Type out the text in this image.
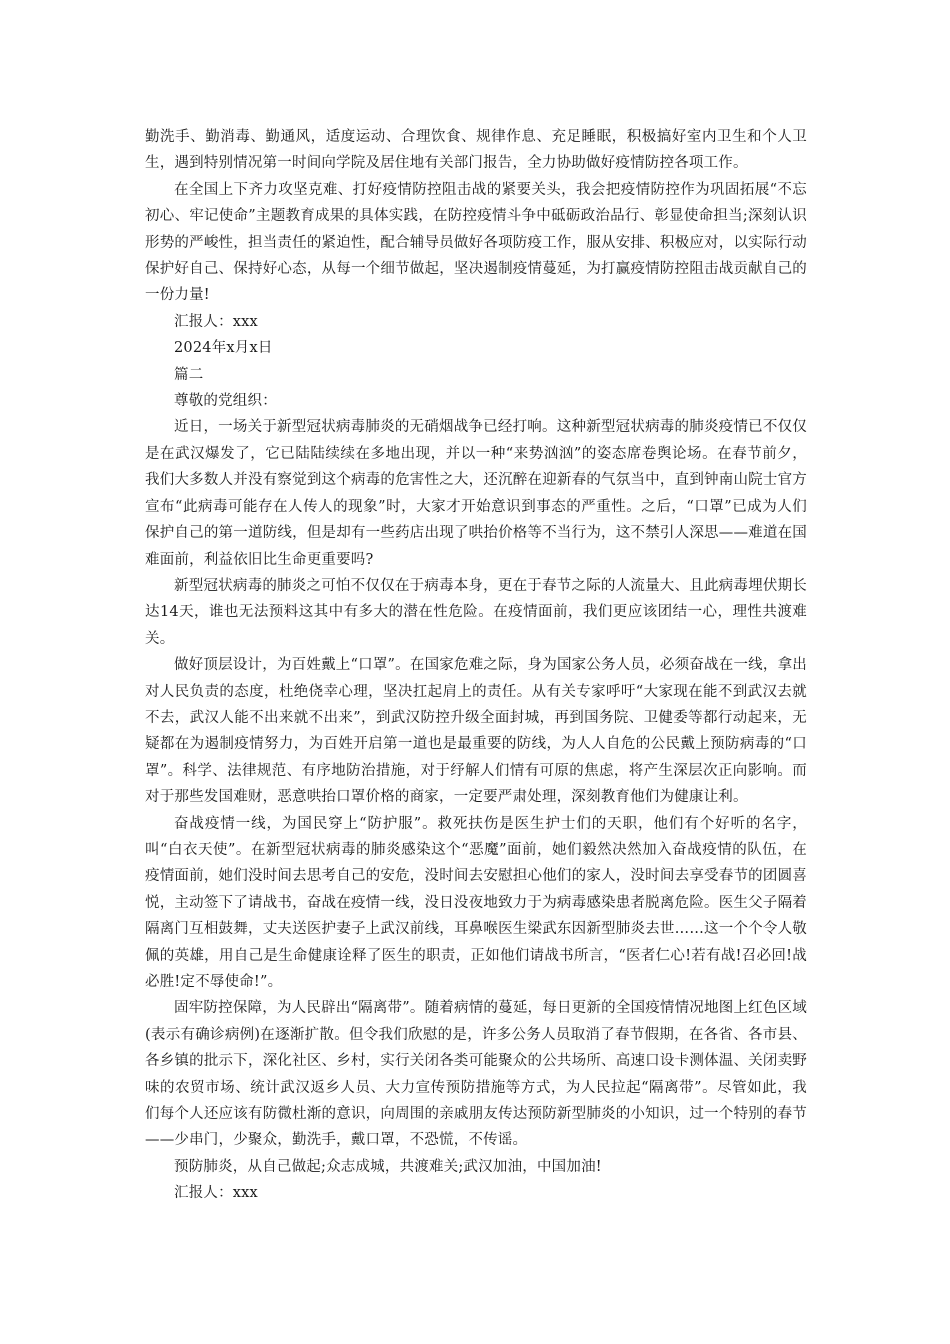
勤洗手、勤消毒、勤通风，适度运动、合理饮食、规律作息、充足睡眠，积极搞好室内卫生和个人卫生，遇到特别情况第一时间向学院及居住地有关部门报告，全力协助做好疫情防控各项工作。

在全国上下齐力攻坚克难、打好疫情防控阻击战的紧要关头，我会把疫情防控作为巩固拓展“不忘初心、牢记使命”主题教育成果的具体实践，在防控疫情斗争中砥砺政治品行、彰显使命担当;深刻认识形势的严峻性，担当责任的紧迫性，配合辅导员做好各项防疫工作，服从安排、积极应对，以实际行动保护好自己、保持好心态，从每一个细节做起，坚决遏制疫情蔓延，为打赢疫情防控阻击战贡献自己的一份力量!

汇报人：xxx

2024年x月x日

篇二

尊敬的党组织：

近日，一场关于新型冠状病毒肺炎的无硝烟战争已经打响。这种新型冠状病毒的肺炎疫情已不仅仅是在武汉爆发了，它已陆陆续续在多地出现，并以一种“来势汹汹”的姿态席卷舆论场。在春节前夕，我们大多数人并没有察觉到这个病毒的危害性之大，还沉醉在迎新春的气氛当中，直到钟南山院士官方宣布“此病毒可能存在人传人的现象”时，大家才开始意识到事态的严重性。之后，“口罩”已成为人们保护自己的第一道防线，但是却有一些药店出现了哄抬价格等不当行为，这不禁引人深思——难道在国难面前，利益依旧比生命更重要吗?

新型冠状病毒的肺炎之可怕不仅仅在于病毒本身，更在于春节之际的人流量大、且此病毒埋伏期长达14天，谁也无法预料这其中有多大的潜在性危险。在疫情面前，我们更应该团结一心，理性共渡难关。

做好顶层设计，为百姓戴上“口罩”。在国家危难之际，身为国家公务人员，必须奋战在一线，拿出对人民负责的态度，杜绝侥幸心理，坚决扛起肩上的责任。从有关专家呼吁“大家现在能不到武汉去就不去，武汉人能不出来就不出来”，到武汉防控升级全面封城，再到国务院、卫健委等都行动起来，无疑都在为遏制疫情努力，为百姓开启第一道也是最重要的防线，为人人自危的公民戴上预防病毒的“口罩”。科学、法律规范、有序地防治措施，对于纾解人们情有可原的焦虑，将产生深层次正向影响。而对于那些发国难财，恶意哄抬口罩价格的商家，一定要严肃处理，深刻教育他们为健康让利。

奋战疫情一线，为国民穿上“防护服”。救死扶伤是医生护士们的天职，他们有个好听的名字，叫“白衣天使”。在新型冠状病毒的肺炎感染这个“恶魔”面前，她们毅然决然加入奋战疫情的队伍，在疫情面前，她们没时间去思考自己的安危，没时间去安慰担心他们的家人，没时间去享受春节的团圆喜悦，主动签下了请战书，奋战在疫情一线，没日没夜地致力于为病毒感染患者脱离危险。医生父子隔着隔离门互相鼓舞，丈夫送医护妻子上武汉前线，耳鼻喉医生梁武东因新型肺炎去世……这一个个令人敬佩的英雄，用自己是生命健康诠释了医生的职责，正如他们请战书所言，“医者仁心!若有战!召必回!战必胜!定不辱使命!”。

固牢防控保障，为人民辟出“隔离带”。随着病情的蔓延，每日更新的全国疫情情况地图上红色区域(表示有确诊病例)在逐渐扩散。但令我们欣慰的是，许多公务人员取消了春节假期，在各省、各市县、各乡镇的批示下，深化社区、乡村，实行关闭各类可能聚众的公共场所、高速口设卡测体温、关闭卖野味的农贸市场、统计武汉返乡人员、大力宣传预防措施等方式，为人民拉起“隔离带”。尽管如此，我们每个人还应该有防微杜渐的意识，向周围的亲戚朋友传达预防新型肺炎的小知识，过一个特别的春节——少串门，少聚众，勤洗手，戴口罩，不恐慌，不传谣。

预防肺炎，从自己做起;众志成城，共渡难关;武汉加油，中国加油!

汇报人：xxx
